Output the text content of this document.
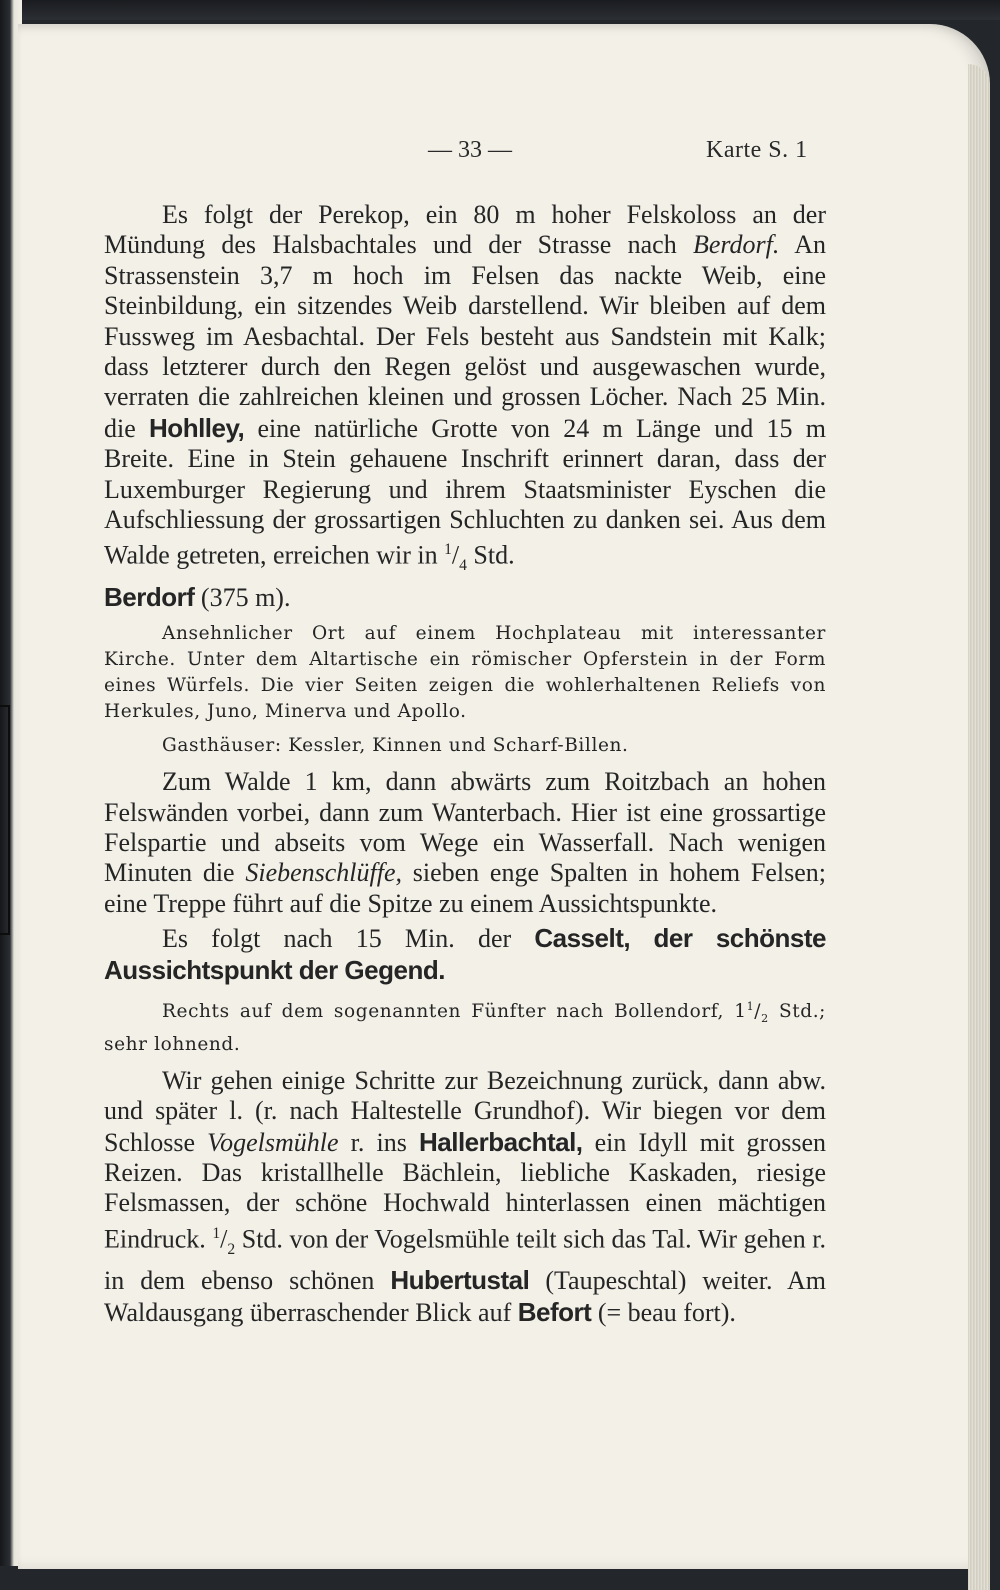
— 33 —	Karte S. 1

Es folgt der Perekop, ein 80 m hoher Felskoloss an der Mündung des Halsbachtales und der Strasse nach Berdorf. An Strassenstein 3,7 m hoch im Felsen das nackte Weib, eine Steinbildung, ein sitzendes Weib darstellend. Wir bleiben auf dem Fussweg im Aesbachtal. Der Fels besteht aus Sandstein mit Kalk; dass letzterer durch den Regen gelöst und ausgewaschen wurde, verraten die zahlreichen kleinen und grossen Löcher. Nach 25 Min. die Hohlley, eine natürliche Grotte von 24 m Länge und 15 m Breite. Eine in Stein gehauene Inschrift erinnert daran, dass der Luxemburger Regierung und ihrem Staatsminister Eyschen die Aufschliessung der grossartigen Schluchten zu danken sei. Aus dem Walde getreten, erreichen wir in $^1/_4$ Std.
Berdorf (375 m).

Ansehnlicher Ort auf einem Hochplateau mit interessanter Kirche. Unter dem Altartische ein römischer Opferstein in der Form eines Würfels. Die vier Seiten zeigen die wohlerhaltenen Reliefs von Herkules, Juno, Minerva und Apollo.

Gasthäuser: Kessler, Kinnen und Scharf-Billen.

Zum Walde 1 km, dann abwärts zum Roitzbach an hohen Felswänden vorbei, dann zum Wanterbach. Hier ist eine grossartige Felspartie und abseits vom Wege ein Wasserfall. Nach wenigen Minuten die Siebenschlüffe, sieben enge Spalten in hohem Felsen; eine Treppe führt auf die Spitze zu einem Aussichtspunkte.

Es folgt nach 15 Min. der Casselt, der schönste Aussichtspunkt der Gegend.

Rechts auf dem sogenannten Fünfter nach Bollendorf, $1^1/_2$ Std.; sehr lohnend.

Wir gehen einige Schritte zur Bezeichnung zurück, dann abw. und später l. (r. nach Haltestelle Grundhof). Wir biegen vor dem Schlosse Vogelsmühle r. ins Hallerbachtal, ein Idyll mit grossen Reizen. Das kristallhelle Bächlein, liebliche Kaskaden, riesige Felsmassen, der schöne Hochwald hinterlassen einen mächtigen Eindruck. $^1/_2$ Std. von der Vogelsmühle teilt sich das Tal. Wir gehen r. in dem ebenso schönen Hubertustal (Taupeschtal) weiter. Am Waldausgang überraschender Blick auf Befort (= beau fort).
